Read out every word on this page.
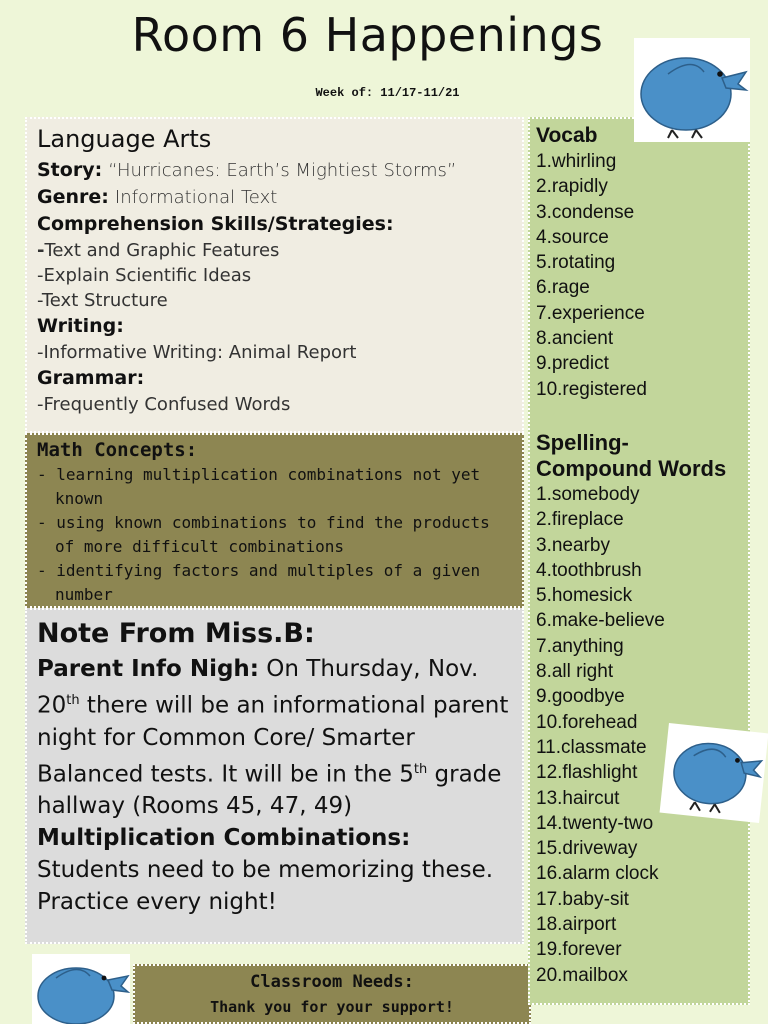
Room 6 Happenings
Week of: 11/17-11/21
Language Arts
Story: “Hurricanes: Earth’s Mightiest Storms”
Genre: Informational Text
Comprehension Skills/Strategies:
-Text and Graphic Features
-Explain Scientific Ideas
-Text Structure
Writing:
-Informative Writing: Animal Report
Grammar:
-Frequently Confused Words
Math Concepts:
- learning multiplication combinations not yet known
- using known combinations to find the products of more difficult combinations
- identifying factors and multiples of a given number
Note From Miss.B:
Parent Info Nigh: On Thursday, Nov. 20th there will be an informational parent night for Common Core/ Smarter Balanced tests. It will be in the 5th grade hallway (Rooms 45, 47, 49)
Multiplication Combinations: Students need to be memorizing these. Practice every night!
Classroom Needs:
Thank you for your support!
Vocab
1.whirling
2.rapidly
3.condense
4.source
5.rotating
6.rage
7.experience
8.ancient
9.predict
10.registered
Spelling-
Compound Words
1.somebody
2.fireplace
3.nearby
4.toothbrush
5.homesick
6.make-believe
7.anything
8.all right
9.goodbye
10.forehead
11.classmate
12.flashlight
13.haircut
14.twenty-two
15.driveway
16.alarm clock
17.baby-sit
18.airport
19.forever
20.mailbox
